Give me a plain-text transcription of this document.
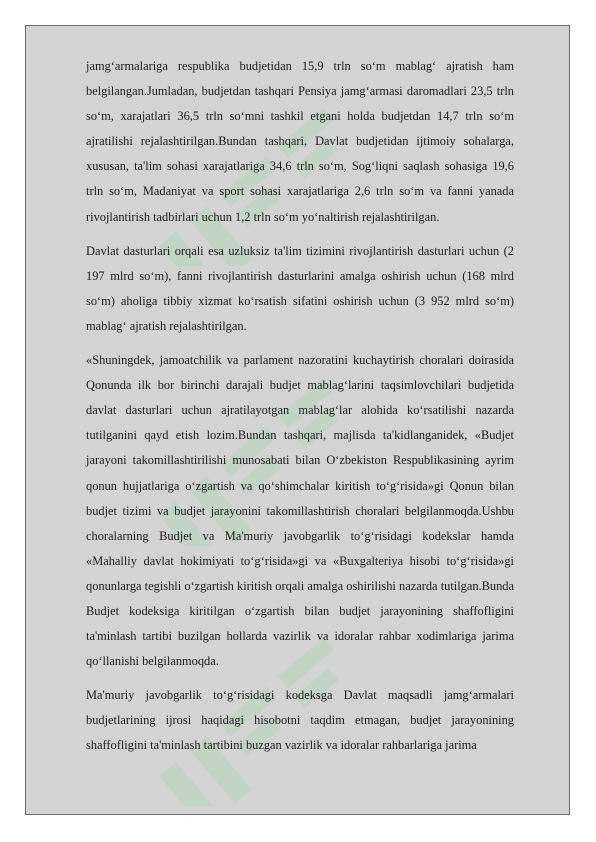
jamg‘armalariga respublika budjetidan 15,9 trln so‘m mablag‘ ajratish ham belgilangan.Jumladan, budjetdan tashqari Pensiya jamg‘armasi daromadlari 23,5 trln so‘m, xarajatlari 36,5 trln so‘mni tashkil etgani holda budjetdan 14,7 trln so‘m ajratilishi rejalashtirilgan.Bundan tashqari, Davlat budjetidan ijtimoiy sohalarga, xususan, ta'lim sohasi xarajatlariga 34,6 trln so‘m, Sog‘liqni saqlash sohasiga 19,6 trln so‘m, Madaniyat va sport sohasi xarajatlariga 2,6 trln so‘m va fanni yanada rivojlantirish tadbirlari uchun 1,2 trln so‘m yo‘naltirish rejalashtirilgan.

Davlat dasturlari orqali esa uzluksiz ta'lim tizimini rivojlantirish dasturlari uchun (2 197 mlrd so‘m), fanni rivojlantirish dasturlarini amalga oshirish uchun (168 mlrd so‘m) aholiga tibbiy xizmat ko‘rsatish sifatini oshirish uchun (3 952 mlrd so‘m) mablag‘ ajratish rejalashtirilgan.

«Shuningdek, jamoatchilik va parlament nazoratini kuchaytirish choralari doirasida Qonunda ilk bor birinchi darajali budjet mablag‘larini taqsimlovchilari budjetida davlat dasturlari uchun ajratilayotgan mablag‘lar alohida ko‘rsatilishi nazarda tutilganini qayd etish lozim.Bundan tashqari, majlisda ta'kidlanganidek, «Budjet jarayoni takomillashtirilishi munosabati bilan O‘zbekiston Respublikasining ayrim qonun hujjatlariga o‘zgartish va qo‘shimchalar kiritish to‘g‘risida»gi Qonun bilan budjet tizimi va budjet jarayonini takomillashtirish choralari belgilanmoqda.Ushbu choralarning Budjet va Ma'muriy javobgarlik to‘g‘risidagi kodekslar hamda «Mahalliy davlat hokimiyati to‘g‘risida»gi va «Buxgalteriya hisobi to‘g‘risida»gi qonunlarga tegishli o‘zgartish kiritish orqali amalga oshirilishi nazarda tutilgan.Bunda Budjet kodeksiga kiritilgan o‘zgartish bilan budjet jarayonining shaffofligini ta'minlash tartibi buzilgan hollarda vazirlik va idoralar rahbar xodimlariga jarima qo‘llanishi belgilanmoqda.

Ma'muriy javobgarlik to‘g‘risidagi kodeksga Davlat maqsadli jamg‘armalari budjetlarining ijrosi haqidagi hisobotni taqdim etmagan, budjet jarayonining shaffofligini ta'minlash tartibini buzgan vazirlik va idoralar rahbarlariga jarima
